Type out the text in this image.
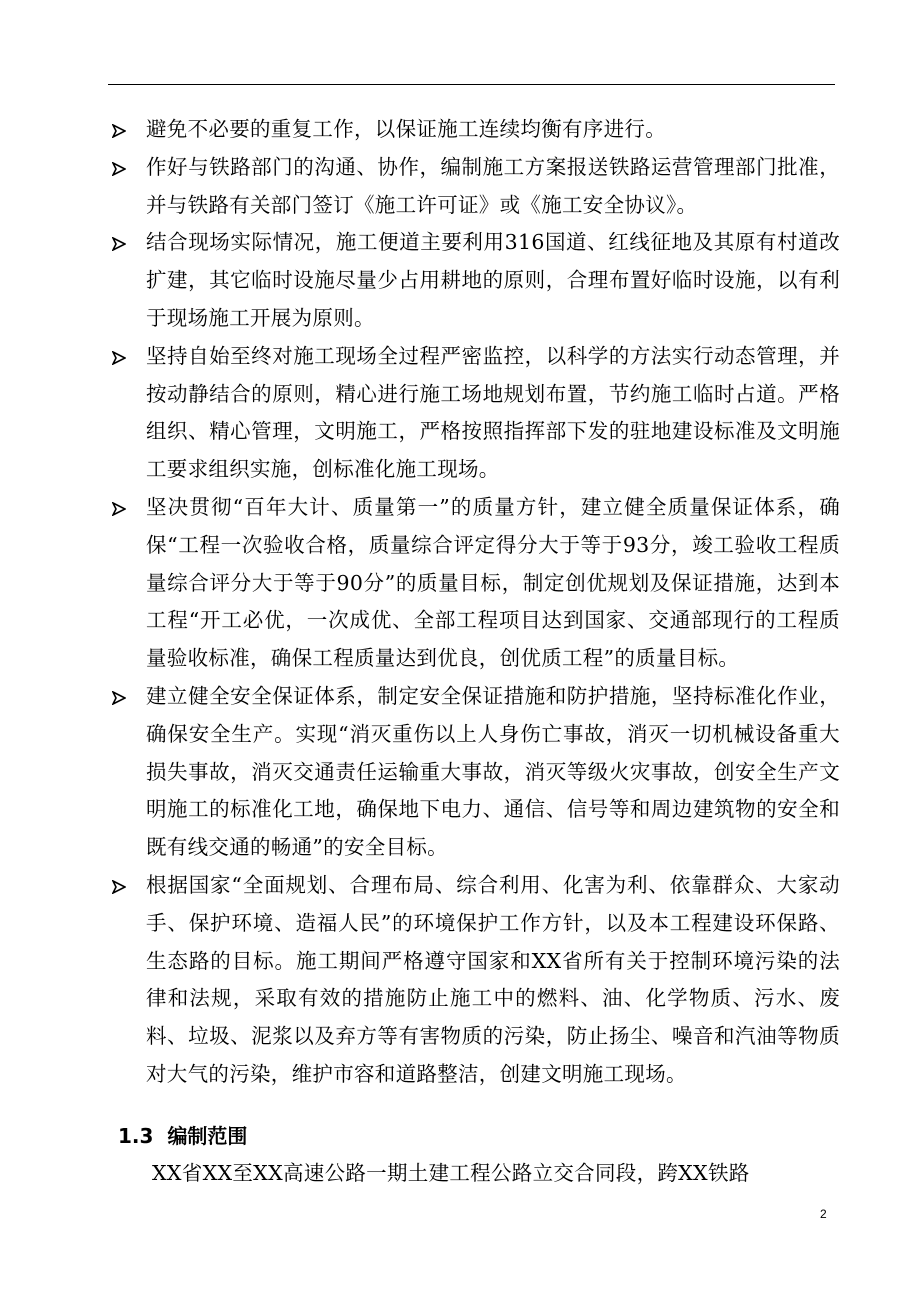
避免不必要的重复工作，以保证施工连续均衡有序进行。
作好与铁路部门的沟通、协作，编制施工方案报送铁路运营管理部门批准，并与铁路有关部门签订《施工许可证》或《施工安全协议》。
结合现场实际情况，施工便道主要利用316国道、红线征地及其原有村道改扩建，其它临时设施尽量少占用耕地的原则，合理布置好临时设施，以有利于现场施工开展为原则。
坚持自始至终对施工现场全过程严密监控，以科学的方法实行动态管理，并按动静结合的原则，精心进行施工场地规划布置，节约施工临时占道。严格组织、精心管理，文明施工，严格按照指挥部下发的驻地建设标准及文明施工要求组织实施，创标准化施工现场。
坚决贯彻“百年大计、质量第一”的质量方针，建立健全质量保证体系，确保“工程一次验收合格，质量综合评定得分大于等于93分，竣工验收工程质量综合评分大于等于90分”的质量目标，制定创优规划及保证措施，达到本工程“开工必优，一次成优、全部工程项目达到国家、交通部现行的工程质量验收标准，确保工程质量达到优良，创优质工程”的质量目标。
建立健全安全保证体系，制定安全保证措施和防护措施，坚持标准化作业，确保安全生产。实现“消灭重伤以上人身伤亡事故，消灭一切机械设备重大损失事故，消灭交通责任运输重大事故，消灭等级火灾事故，创安全生产文明施工的标准化工地，确保地下电力、通信、信号等和周边建筑物的安全和既有线交通的畅通”的安全目标。
根据国家“全面规划、合理布局、综合利用、化害为利、依靠群众、大家动手、保护环境、造福人民”的环境保护工作方针，以及本工程建设环保路、生态路的目标。施工期间严格遵守国家和XX省所有关于控制环境污染的法律和法规，采取有效的措施防止施工中的燃料、油、化学物质、污水、废料、垃圾、泥浆以及弃方等有害物质的污染，防止扬尘、噪音和汽油等物质对大气的污染，维护市容和道路整洁，创建文明施工现场。
1.3 编制范围
XX省XX至XX高速公路一期土建工程公路立交合同段，跨XX铁路
2
